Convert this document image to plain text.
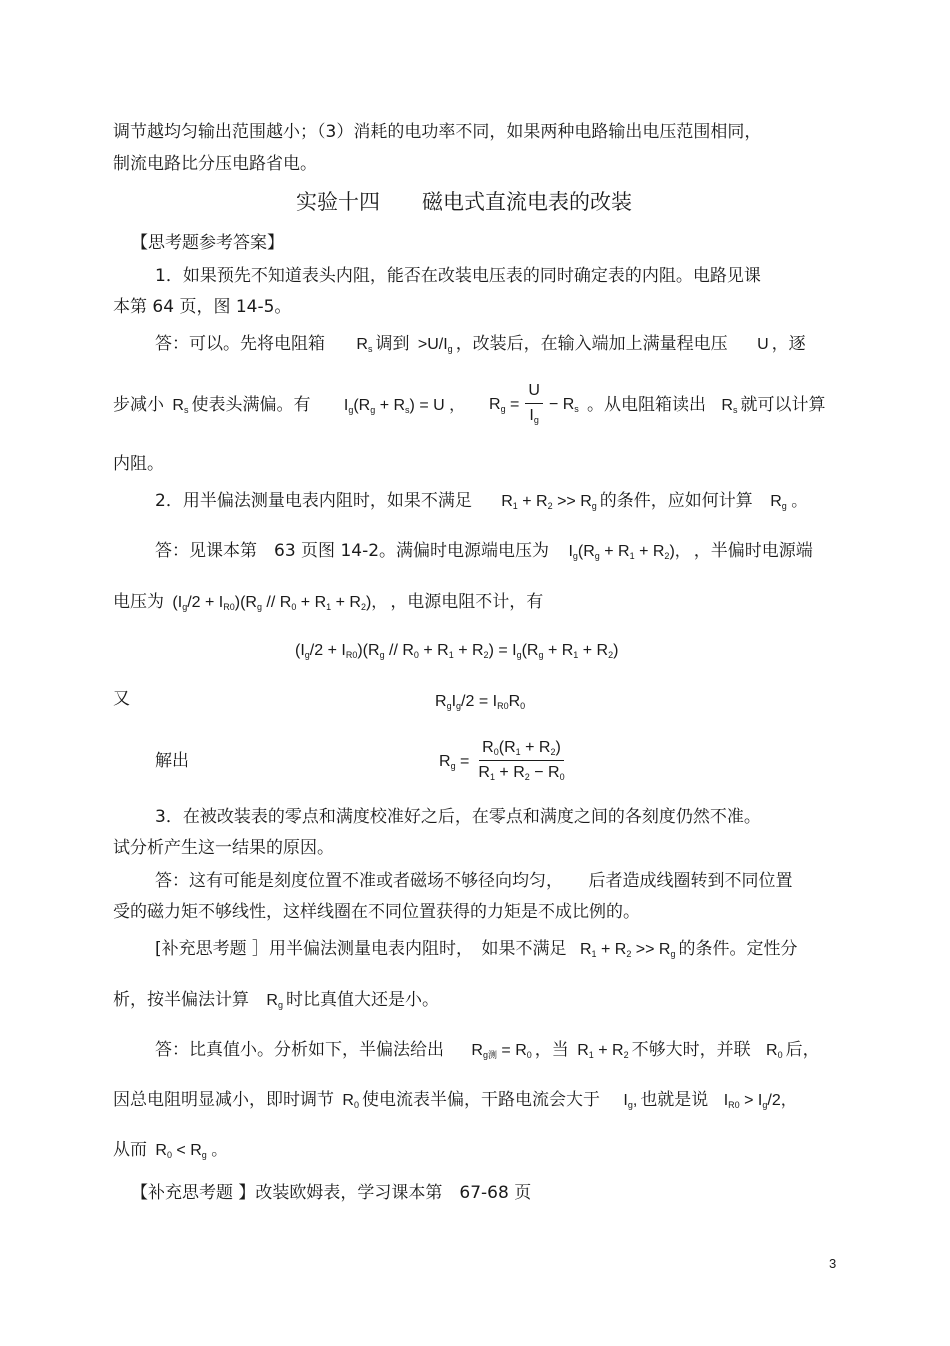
调节越均匀输出范围越小；（3）消耗的电功率不同，如果两种电路输出电压范围相同，
制流电路比分压电路省电。
实验十四　　磁电式直流电表的改装
【思考题参考答案】
1．如果预先不知道表头内阻，能否在改装电压表的同时确定表的内阻。电路见课
本第 64 页，图 14-5。
答：可以。先将电阻箱 $R_s$ 调到 $>U/I_g$ ，改装后，在输入端加上满量程电压 U ，逐
步减小 $R_s$ 使表头满偏。有 $I_g(R_g + R_s) = U$ ， $R_g = \frac{U}{I_g} - R_s$ 。从电阻箱读出 $R_s$ 就可以计算
内阻。
2．用半偏法测量电表内阻时，如果不满足 $R_1 + R_2 >> R_g$ 的条件，应如何计算 $R_g$ 。
答：见课本第　63 页图 14-2。满偏时电源端电压为 $I_g(R_g + R_1 + R_2)$， ，半偏时电源端
电压为 $(I_g/2 + I_{R0})(R_g // R_0 + R_1 + R_2)$， ，电源电阻不计，有
$(I_g/2 + I_{R0})(R_g // R_0 + R_1 + R_2) = I_g(R_g + R_1 + R_2)$
又	$R_gI_g/2 = I_{R0}R_0$
解出	$R_g = \frac{R_0(R_1 + R_2)}{R_1 + R_2 - R_0}$
3．在被改装表的零点和满度校准好之后，在零点和满度之间的各刻度仍然不准。
试分析产生这一结果的原因。
答：这有可能是刻度位置不准或者磁场不够径向均匀，　　后者造成线圈转到不同位置
受的磁力矩不够线性，这样线圈在不同位置获得的力矩是不成比例的。
[补充思考题 ］用半偏法测量电表内阻时，　如果不满足 $R_1 + R_2 >> R_g$ 的条件。定性分
析，按半偏法计算 $R_g$ 时比真值大还是小。
答：比真值小。分析如下，半偏法给出 $R_{g测} = R_0$ ，当 $R_1 + R_2$ 不够大时，并联 $R_0$ 后，
因总电阻明显减小，即时调节 $R_0$ 使电流表半偏，干路电流会大于 $I_g$, 也就是说 $I_{R0} > I_g/2$，
从而 $R_0 < R_g$ 。
【补充思考题 】改装欧姆表，学习课本第　67-68 页
3
